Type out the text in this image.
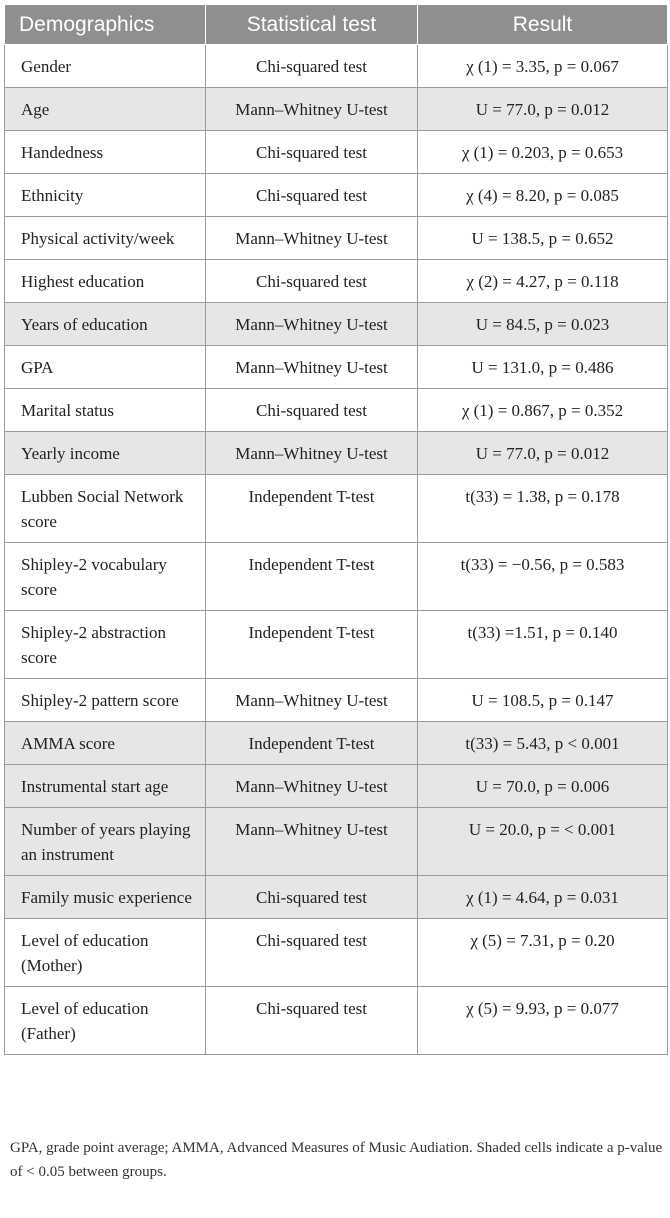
Demographics	Statistical test	Result
Gender	Chi-squared test	χ (1) = 3.35, p = 0.067
Age	Mann–Whitney U-test	U = 77.0, p = 0.012
Handedness	Chi-squared test	χ (1) = 0.203, p = 0.653
Ethnicity	Chi-squared test	χ (4) = 8.20, p = 0.085
Physical activity/week	Mann–Whitney U-test	U = 138.5, p = 0.652
Highest education	Chi-squared test	χ (2) = 4.27, p = 0.118
Years of education	Mann–Whitney U-test	U = 84.5, p = 0.023
GPA	Mann–Whitney U-test	U = 131.0, p = 0.486
Marital status	Chi-squared test	χ (1) = 0.867, p = 0.352
Yearly income	Mann–Whitney U-test	U = 77.0, p = 0.012
Lubben Social Network score	Independent T-test	t(33) = 1.38, p = 0.178
Shipley-2 vocabulary score	Independent T-test	t(33) = −0.56, p = 0.583
Shipley-2 abstraction score	Independent T-test	t(33) =1.51, p = 0.140
Shipley-2 pattern score	Mann–Whitney U-test	U = 108.5, p = 0.147
AMMA score	Independent T-test	t(33) = 5.43, p < 0.001
Instrumental start age	Mann–Whitney U-test	U = 70.0, p = 0.006
Number of years playing an instrument	Mann–Whitney U-test	U = 20.0, p = < 0.001
Family music experience	Chi-squared test	χ (1) = 4.64, p = 0.031
Level of education (Mother)	Chi-squared test	χ (5) = 7.31, p = 0.20
Level of education (Father)	Chi-squared test	χ (5) = 9.93, p = 0.077
GPA, grade point average; AMMA, Advanced Measures of Music Audiation. Shaded cells indicate a p-value of < 0.05 between groups.
